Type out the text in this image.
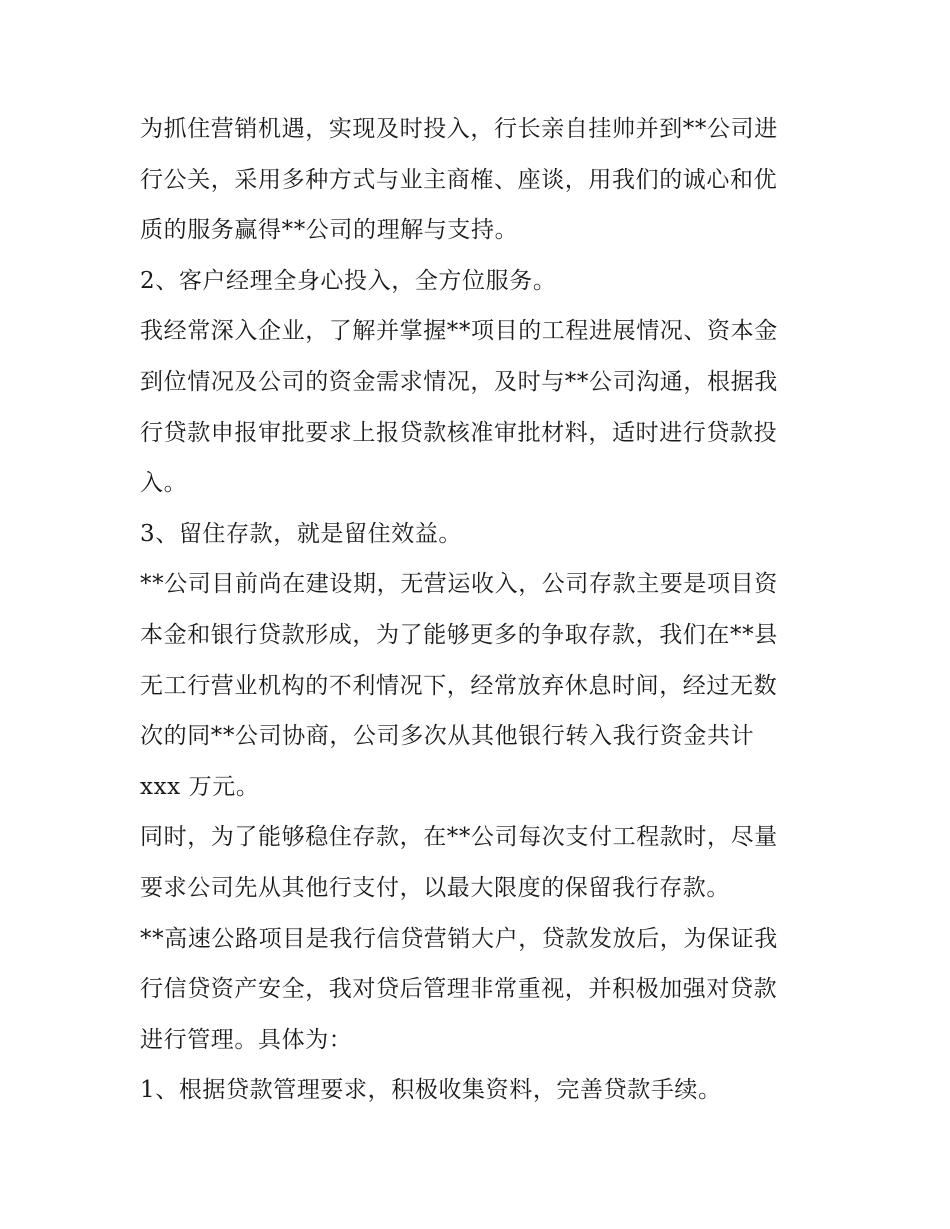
为抓住营销机遇，实现及时投入，行长亲自挂帅并到**公司进
行公关，采用多种方式与业主商榷、座谈，用我们的诚心和优
质的服务赢得**公司的理解与支持。
2、客户经理全身心投入，全方位服务。
我经常深入企业，了解并掌握**项目的工程进展情况、资本金
到位情况及公司的资金需求情况，及时与**公司沟通，根据我
行贷款申报审批要求上报贷款核准审批材料，适时进行贷款投
入。
3、留住存款，就是留住效益。
**公司目前尚在建设期，无营运收入，公司存款主要是项目资
本金和银行贷款形成，为了能够更多的争取存款，我们在**县
无工行营业机构的不利情况下，经常放弃休息时间，经过无数
次的同**公司协商，公司多次从其他银行转入我行资金共计
xxx 万元。
同时，为了能够稳住存款，在**公司每次支付工程款时，尽量
要求公司先从其他行支付，以最大限度的保留我行存款。
**高速公路项目是我行信贷营销大户，贷款发放后，为保证我
行信贷资产安全，我对贷后管理非常重视，并积极加强对贷款
进行管理。具体为：
1、根据贷款管理要求，积极收集资料，完善贷款手续。
